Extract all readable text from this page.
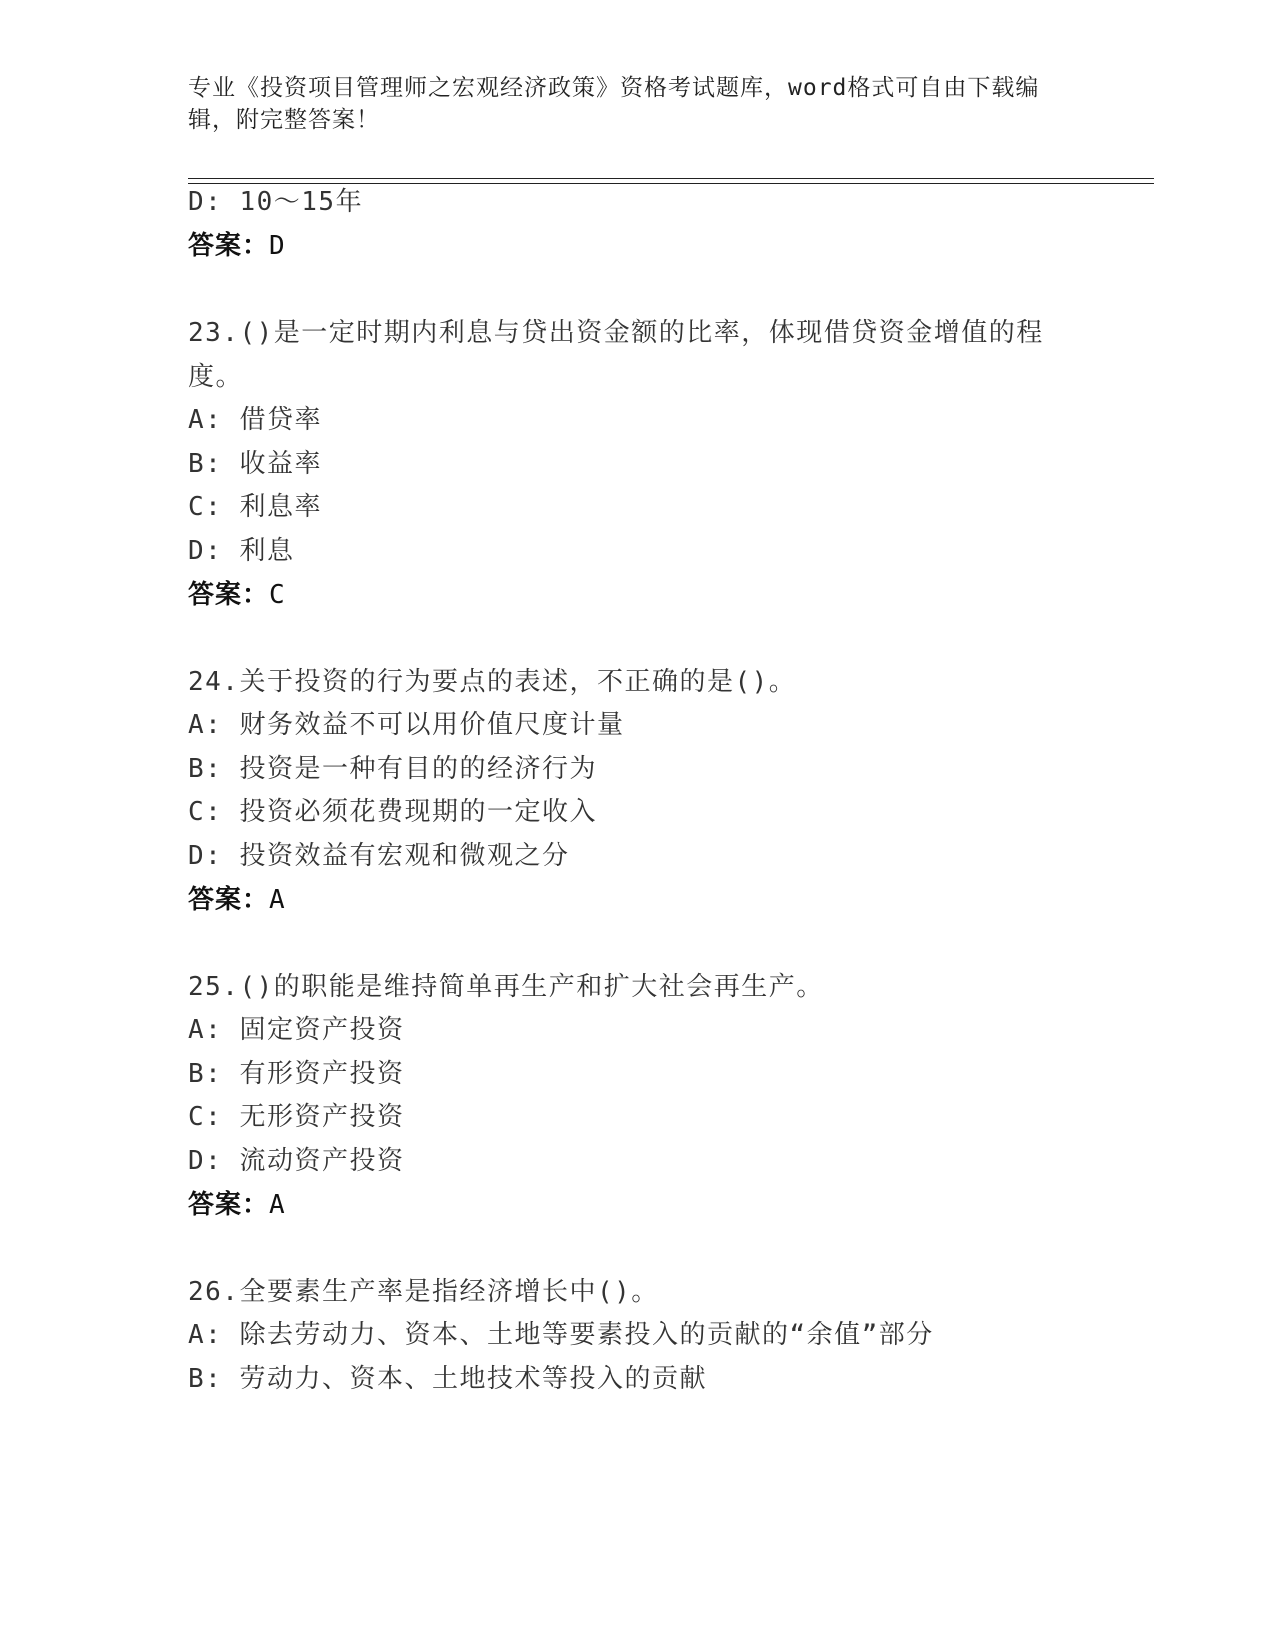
专业《投资项目管理师之宏观经济政策》资格考试题库，word格式可自由下载编
辑，附完整答案！
D: 10～15年
答案：D
23.()是一定时期内利息与贷出资金额的比率，体现借贷资金增值的程
度。
A: 借贷率
B: 收益率
C: 利息率
D: 利息
答案：C
24.关于投资的行为要点的表述，不正确的是()。
A: 财务效益不可以用价值尺度计量
B: 投资是一种有目的的经济行为
C: 投资必须花费现期的一定收入
D: 投资效益有宏观和微观之分
答案：A
25.()的职能是维持简单再生产和扩大社会再生产。
A: 固定资产投资
B: 有形资产投资
C: 无形资产投资
D: 流动资产投资
答案：A
26.全要素生产率是指经济增长中()。
A: 除去劳动力、资本、土地等要素投入的贡献的“余值”部分
B: 劳动力、资本、土地技术等投入的贡献
